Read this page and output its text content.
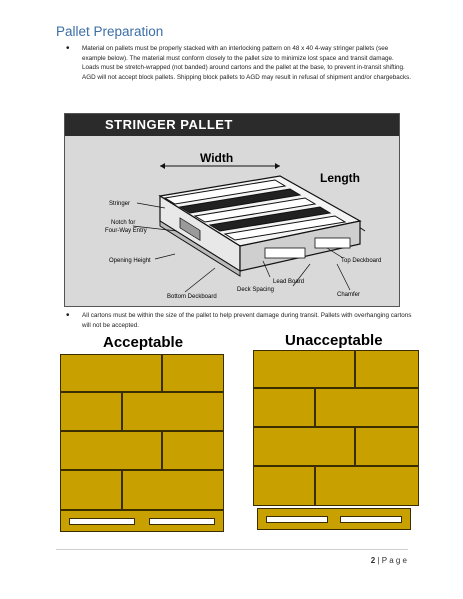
Pallet Preparation
• Material on pallets must be properly stacked with an interlocking pattern on 48 x 40 4-way stringer pallets (see example below). The material must conform closely to the pallet size to minimize lost space and transit damage. Loads must be stretch-wrapped (not banded) around cartons and the pallet at the base, to prevent in-transit shifting. AGD will not accept block pallets. Shipping block pallets to AGD may result in refusal of shipment and/or chargebacks.
STRINGER PALLET
Width
Length
Stringer
Notch for
Four-Way Entry
Opening Height
Bottom Deckboard
Lead Board
Deck Spacing
Top Deckboard
Chamfer
• All cartons must be within the size of the pallet to help prevent damage during transit. Pallets with overhanging cartons will not be accepted.
Acceptable	Unacceptable
2 | P a g e
